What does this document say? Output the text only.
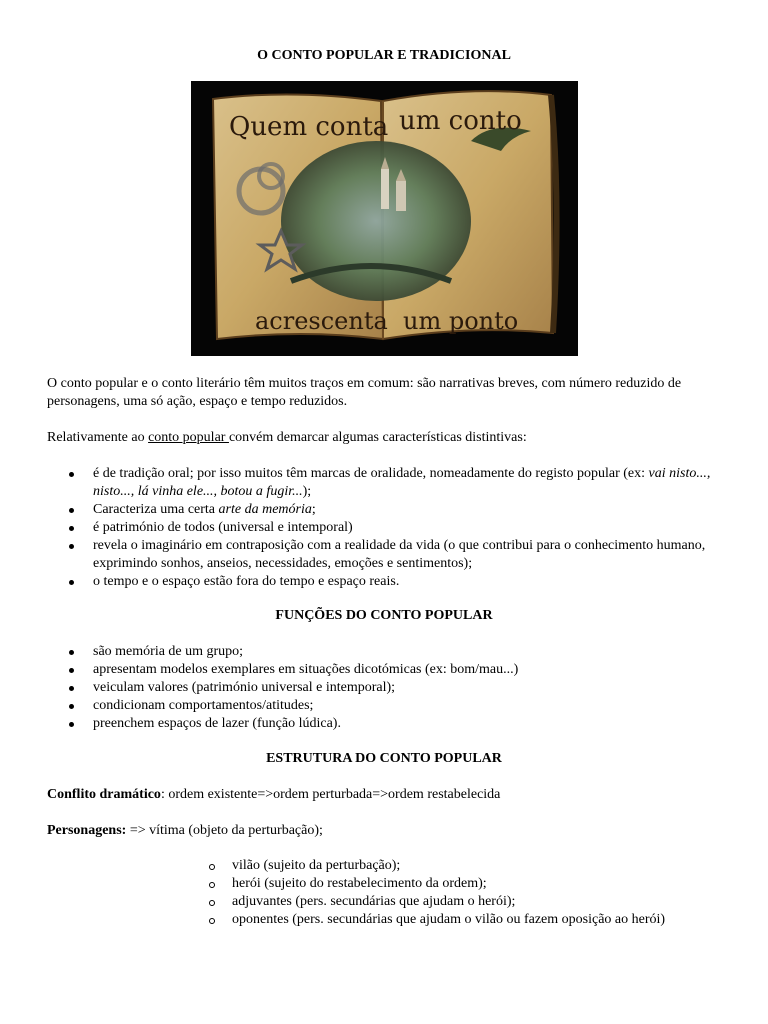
O CONTO POPULAR E TRADICIONAL
Quem conta um conto
acrescenta um ponto
O conto popular e o conto literário têm muitos traços em comum: são narrativas breves, com número reduzido de personagens, uma só ação, espaço e tempo reduzidos.
Relativamente ao conto popular convém demarcar algumas características distintivas:
é de tradição oral; por isso muitos têm marcas de oralidade, nomeadamente do registo popular (ex: vai nisto..., nisto..., lá vinha ele..., botou a fugir...);
Caracteriza uma certa arte da memória;
é património de todos (universal e intemporal)
revela o imaginário em contraposição com a realidade da vida (o que contribui para o conhecimento humano, exprimindo sonhos, anseios, necessidades, emoções e sentimentos);
o tempo e o espaço estão fora do tempo e espaço reais.
FUNÇÕES DO CONTO POPULAR
são memória de um grupo;
apresentam modelos exemplares em situações dicotómicas (ex: bom/mau...)
veiculam valores (património universal e intemporal);
condicionam comportamentos/atitudes;
preenchem espaços de lazer (função lúdica).
ESTRUTURA DO CONTO POPULAR
Conflito dramático: ordem existente=>ordem perturbada=>ordem restabelecida
Personagens: => vítima (objeto da perturbação);
vilão (sujeito da perturbação);
herói (sujeito do restabelecimento da ordem);
adjuvantes (pers. secundárias que ajudam o herói);
oponentes (pers. secundárias que ajudam o vilão ou fazem oposição ao herói)
